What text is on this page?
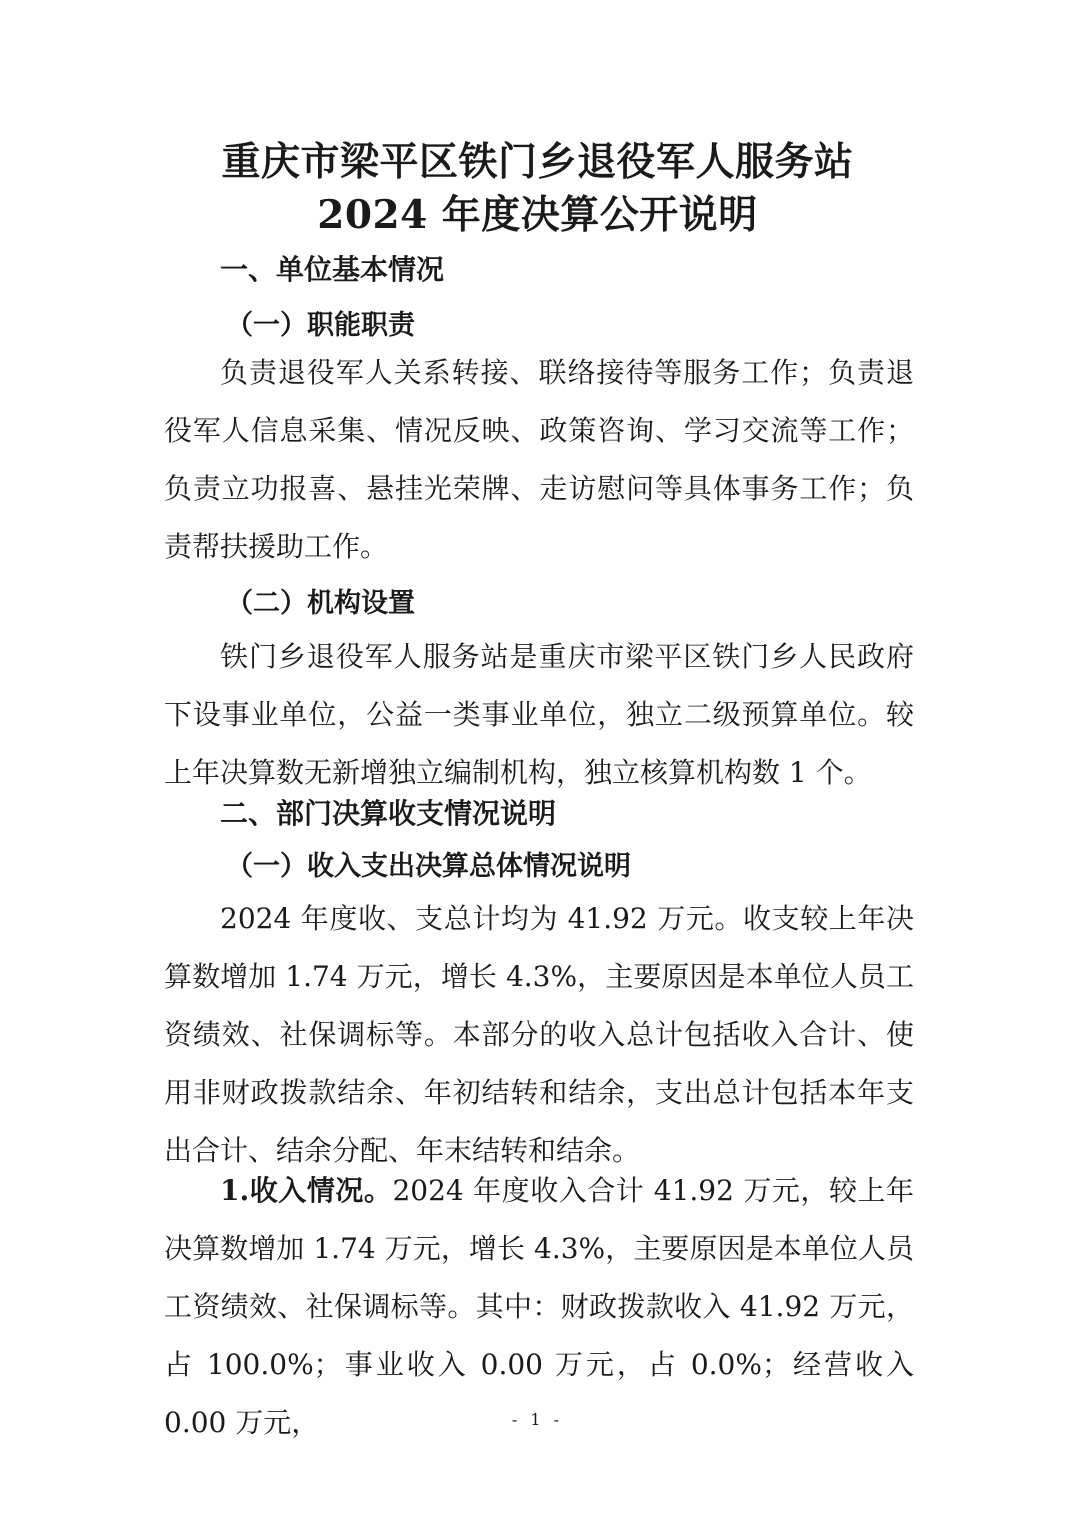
重庆市梁平区铁门乡退役军人服务站
2024 年度决算公开说明
一、单位基本情况
（一）职能职责

负责退役军人关系转接、联络接待等服务工作；负责退役军人信息采集、情况反映、政策咨询、学习交流等工作；负责立功报喜、悬挂光荣牌、走访慰问等具体事务工作；负责帮扶援助工作。

（二）机构设置

铁门乡退役军人服务站是重庆市梁平区铁门乡人民政府下设事业单位，公益一类事业单位，独立二级预算单位。较上年决算数无新增独立编制机构，独立核算机构数 1 个。

二、部门决算收支情况说明
（一）收入支出决算总体情况说明

2024 年度收、支总计均为 41.92 万元。收支较上年决算数增加 1.74 万元，增长 4.3%，主要原因是本单位人员工资绩效、社保调标等。本部分的收入总计包括收入合计、使用非财政拨款结余、年初结转和结余，支出总计包括本年支出合计、结余分配、年末结转和结余。

1.收入情况。2024 年度收入合计 41.92 万元，较上年决算数增加 1.74 万元，增长 4.3%，主要原因是本单位人员工资绩效、社保调标等。其中：财政拨款收入 41.92 万元，占 100.0%；事业收入 0.00 万元，占 0.0%；经营收入 0.00 万元，	- 1 -
